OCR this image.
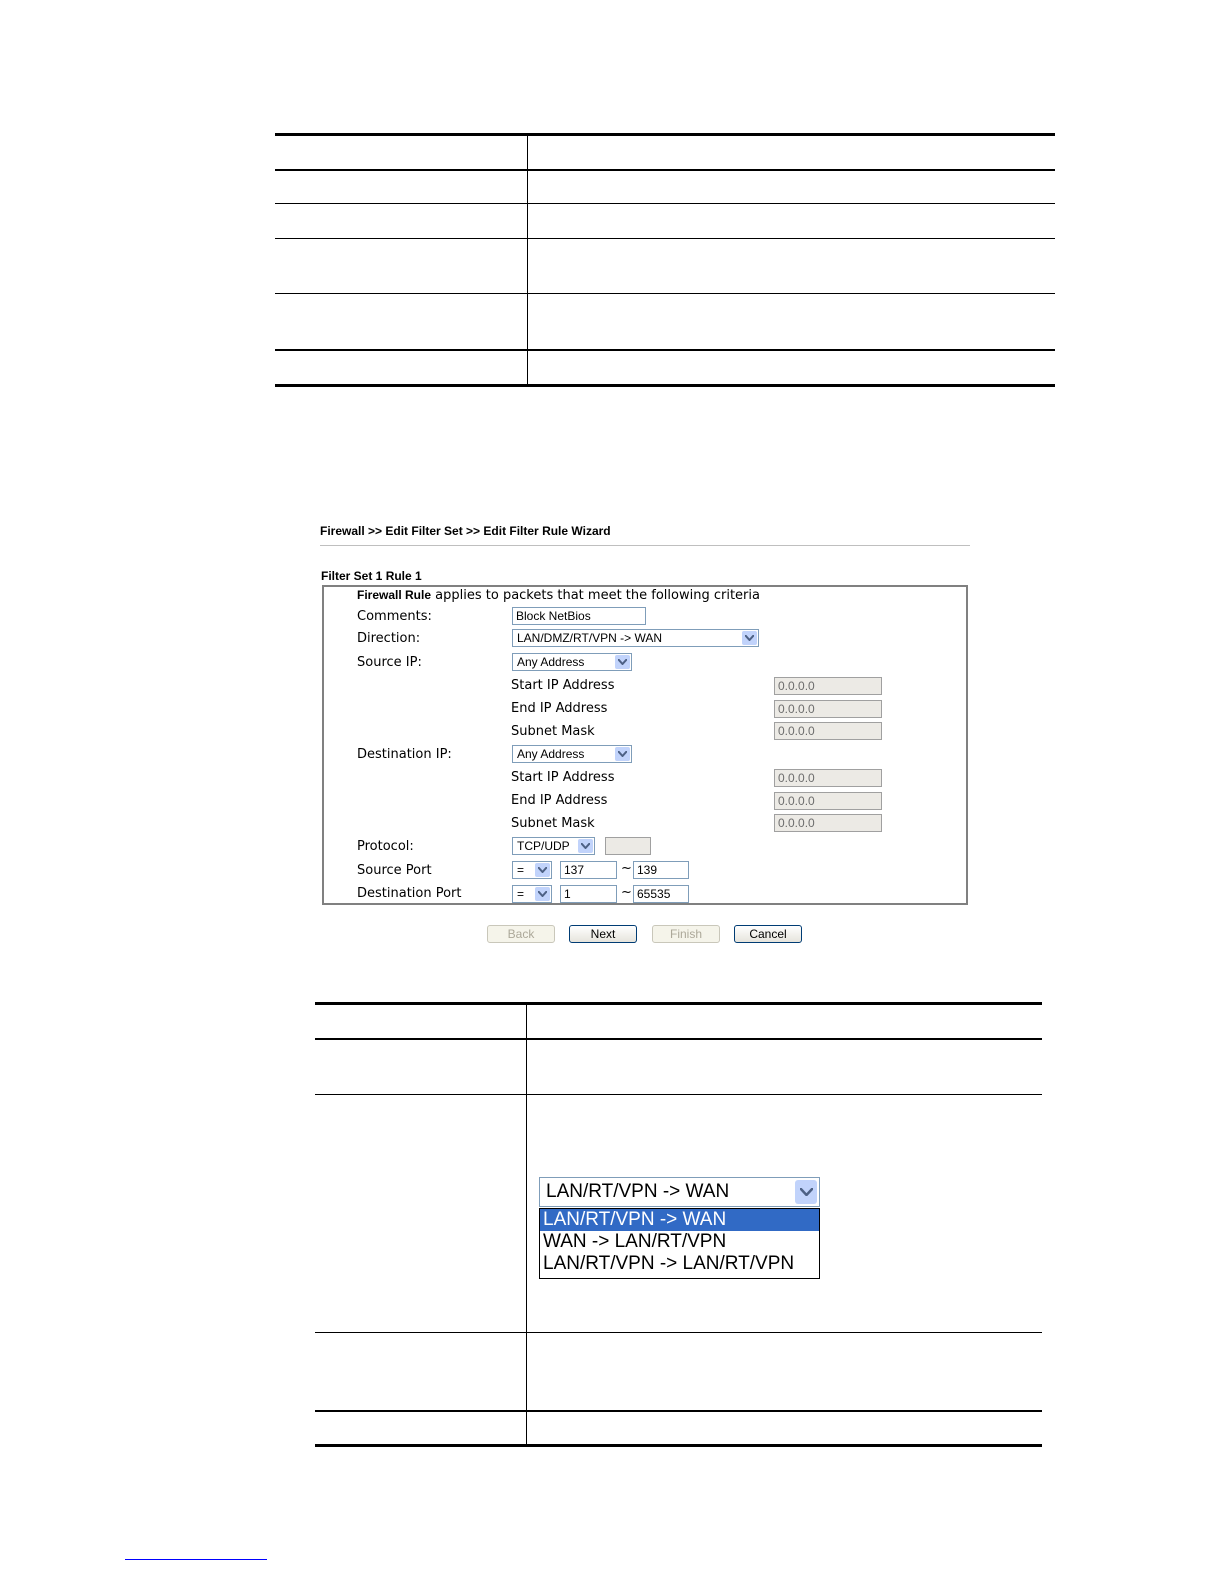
Firewall >> Edit Filter Set >> Edit Filter Rule Wizard
Filter Set 1 Rule 1
Firewall Rule applies to packets that meet the following criteria
Comments:	Block NetBios
Direction:	LAN/DMZ/RT/VPN -> WAN
Source IP:	Any Address
Start IP Address	0.0.0.0
End IP Address	0.0.0.0
Subnet Mask	0.0.0.0
Destination IP:	Any Address
Start IP Address	0.0.0.0
End IP Address	0.0.0.0
Subnet Mask	0.0.0.0
Protocol:	TCP/UDP
Source Port	=	137	~ 139
Destination Port	=	1	~ 65535
Back	Next	Finish	Cancel
LAN/RT/VPN -> WAN
LAN/RT/VPN -> WAN
WAN -> LAN/RT/VPN
LAN/RT/VPN -> LAN/RT/VPN
